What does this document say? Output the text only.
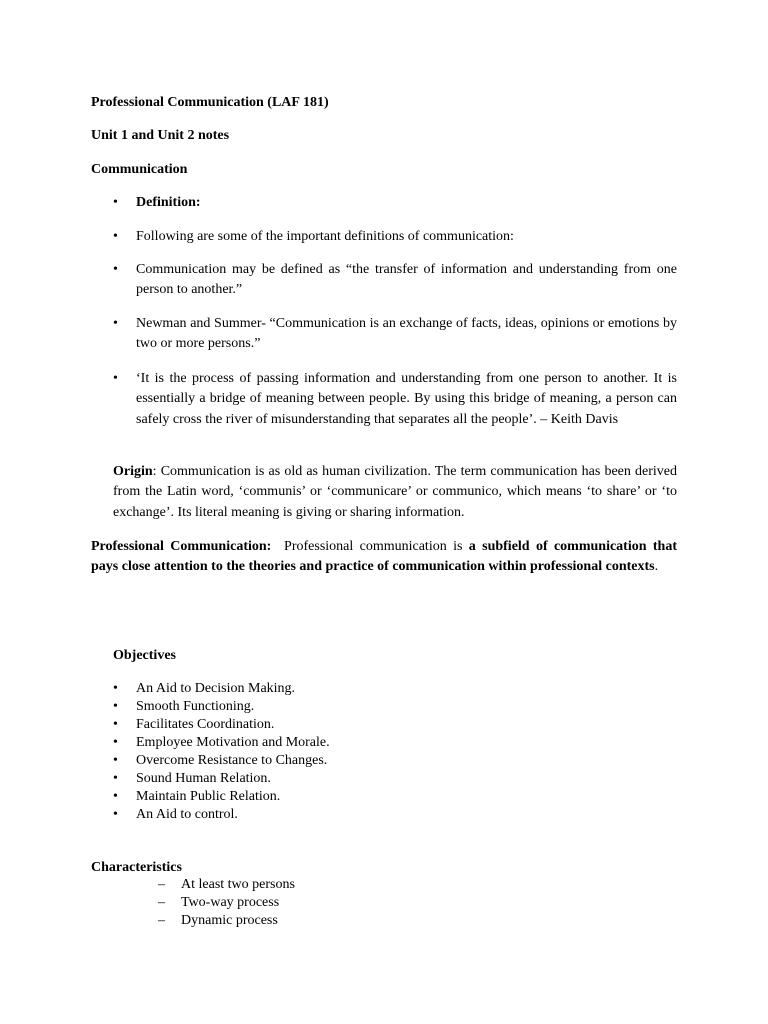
Professional Communication (LAF 181)
Unit 1 and Unit 2 notes
Communication
• Definition:
• Following are some of the important definitions of communication:
• Communication may be defined as “the transfer of information and understanding from one person to another.”
• Newman and Summer- “Communication is an exchange of facts, ideas, opinions or emotions by two or more persons.”
• ‘It is the process of passing information and understanding from one person to another. It is essentially a bridge of meaning between people. By using this bridge of meaning, a person can safely cross the river of misunderstanding that separates all the people’. – Keith Davis
Origin: Communication is as old as human civilization. The term communication has been derived from the Latin word, ‘communis’ or ‘communicare’ or communico, which means ‘to share’ or ‘to exchange’. Its literal meaning is giving or sharing information.
Professional Communication: Professional communication is a subfield of communication that pays close attention to the theories and practice of communication within professional contexts.
Objectives
• An Aid to Decision Making.
• Smooth Functioning.
• Facilitates Coordination.
• Employee Motivation and Morale.
• Overcome Resistance to Changes.
• Sound Human Relation.
• Maintain Public Relation.
• An Aid to control.
Characteristics
– At least two persons
– Two-way process
– Dynamic process
